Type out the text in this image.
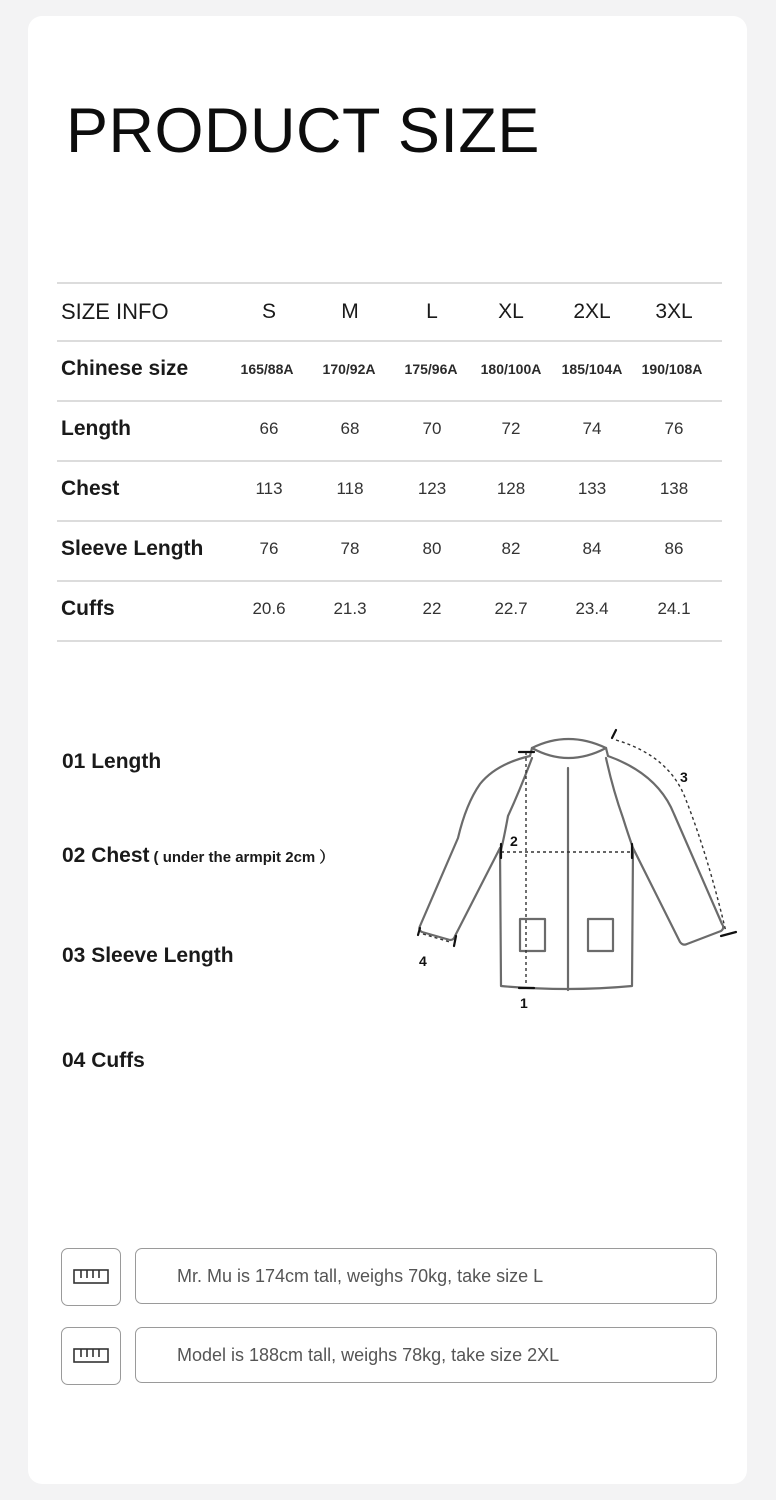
PRODUCT SIZE
SIZE INFO	S	M	L	XL	2XL	3XL
Chinese size	165/88A	170/92A	175/96A	180/100A	185/104A	190/108A
Length	66	68	70	72	74	76
Chest	113	118	123	128	133	138
Sleeve Length	76	78	80	82	84	86
Cuffs	20.6	21.3	22	22.7	23.4	24.1
01 Length
02 Chest ( under the armpit 2cm ）
03 Sleeve Length
04 Cuffs
1
2
3
4
Mr. Mu is 174cm tall, weighs 70kg, take size L
Model is 188cm tall, weighs 78kg, take size 2XL
